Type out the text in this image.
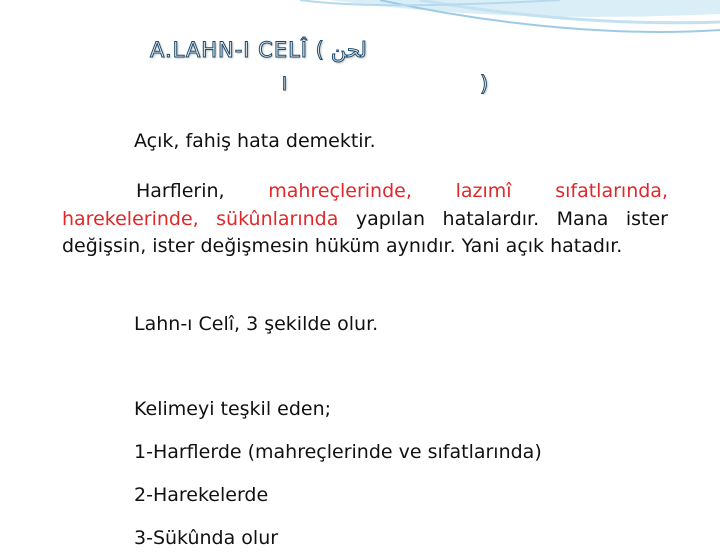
A.LAHN-I CELÎ ( لحن
ا	)

Açık, fahiş hata demektir.

Harflerin, mahreçlerinde, lazımî sıfatlarında, harekelerinde, sükûnlarında yapılan hatalardır. Mana ister değişsin, ister değişmesin hüküm aynıdır. Yani açık hatadır.

Lahn-ı Celî, 3 şekilde olur.

Kelimeyi teşkil eden;

1-Harflerde (mahreçlerinde ve sıfatlarında)

2-Harekelerde

3-Sükûnda olur
